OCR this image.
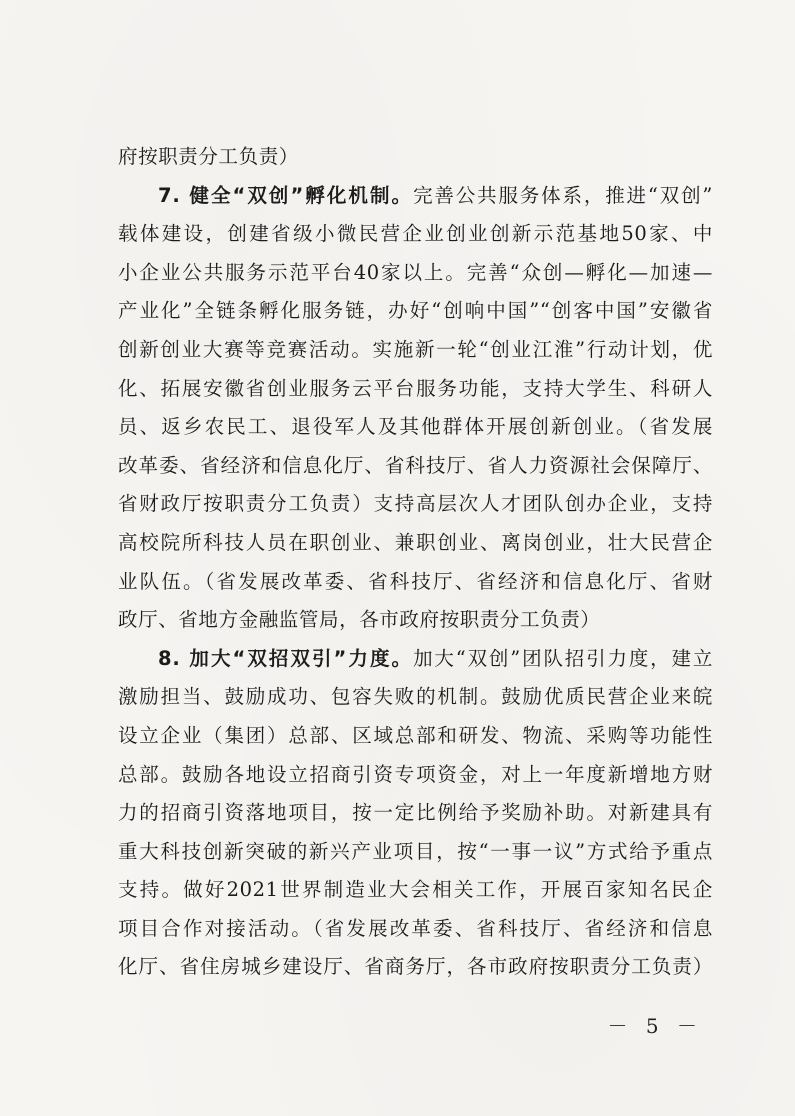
府按职责分工负责）
7. 健全“双创”孵化机制。完善公共服务体系，推进“双创”
载体建设，创建省级小微民营企业创业创新示范基地50家、中
小企业公共服务示范平台40家以上。完善“众创—孵化—加速—
产业化”全链条孵化服务链，办好“创响中国”“创客中国”安徽省
创新创业大赛等竞赛活动。实施新一轮“创业江淮”行动计划，优
化、拓展安徽省创业服务云平台服务功能，支持大学生、科研人
员、返乡农民工、退役军人及其他群体开展创新创业。（省发展
改革委、省经济和信息化厅、省科技厅、省人力资源社会保障厅、
省财政厅按职责分工负责）支持高层次人才团队创办企业，支持
高校院所科技人员在职创业、兼职创业、离岗创业，壮大民营企
业队伍。（省发展改革委、省科技厅、省经济和信息化厅、省财
政厅、省地方金融监管局，各市政府按职责分工负责）
8. 加大“双招双引”力度。加大“双创”团队招引力度，建立
激励担当、鼓励成功、包容失败的机制。鼓励优质民营企业来皖
设立企业（集团）总部、区域总部和研发、物流、采购等功能性
总部。鼓励各地设立招商引资专项资金，对上一年度新增地方财
力的招商引资落地项目，按一定比例给予奖励补助。对新建具有
重大科技创新突破的新兴产业项目，按“一事一议”方式给予重点
支持。做好2021世界制造业大会相关工作，开展百家知名民企
项目合作对接活动。（省发展改革委、省科技厅、省经济和信息
化厅、省住房城乡建设厅、省商务厅，各市政府按职责分工负责）
－ 5 －
